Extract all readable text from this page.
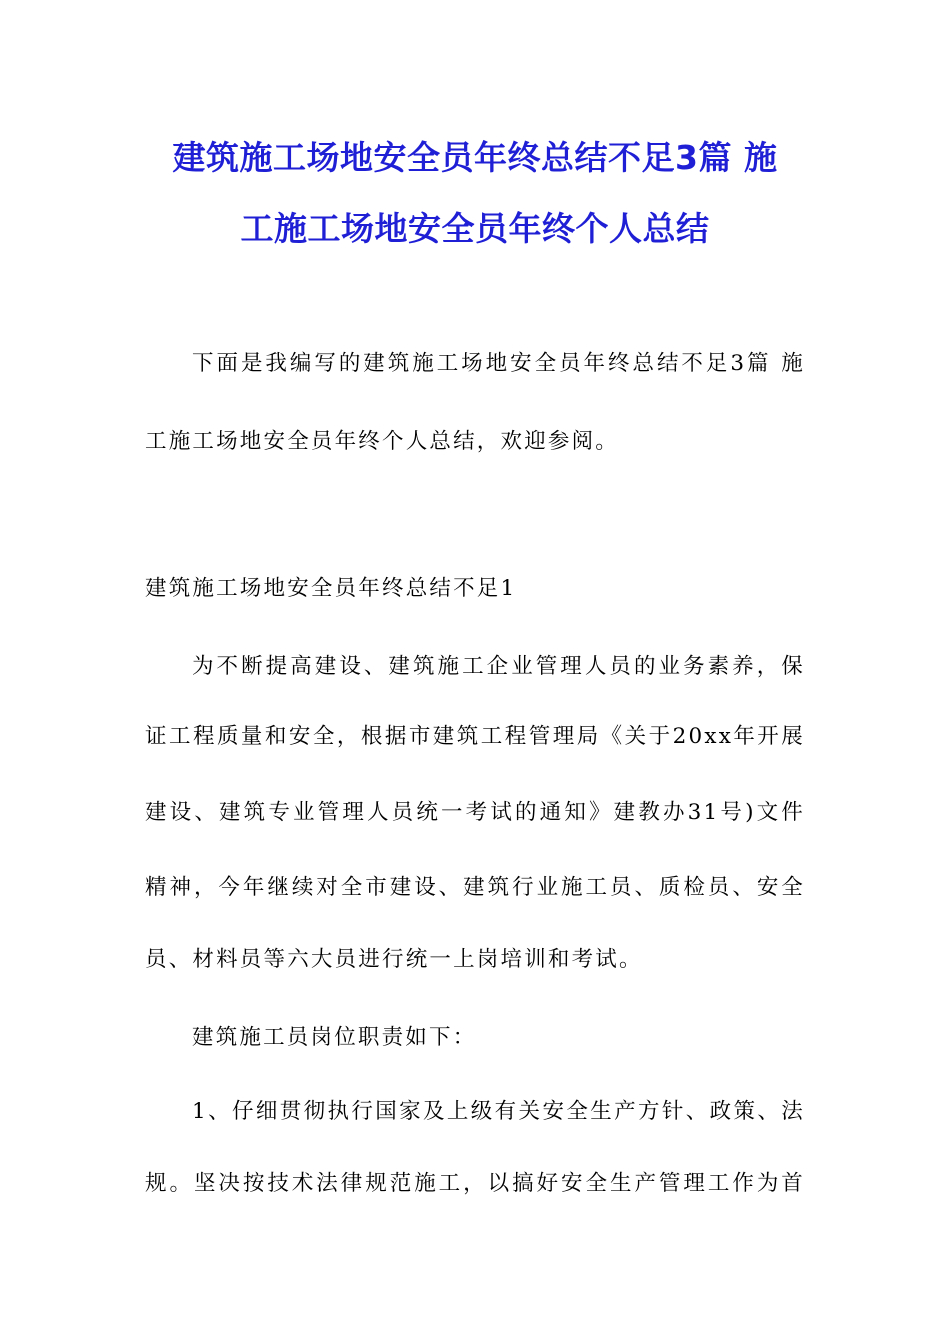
建筑施工场地安全员年终总结不足3篇 施
工施工场地安全员年终个人总结
下面是我编写的建筑施工场地安全员年终总结不足3篇 施
工施工场地安全员年终个人总结，欢迎参阅。
建筑施工场地安全员年终总结不足1
为不断提高建设、建筑施工企业管理人员的业务素养，保
证工程质量和安全，根据市建筑工程管理局《关于20xx年开展
建设、建筑专业管理人员统一考试的通知》建教办31号)文件
精神，今年继续对全市建设、建筑行业施工员、质检员、安全
员、材料员等六大员进行统一上岗培训和考试。
建筑施工员岗位职责如下：
1、仔细贯彻执行国家及上级有关安全生产方针、政策、法
规。坚决按技术法律规范施工，以搞好安全生产管理工作为首
